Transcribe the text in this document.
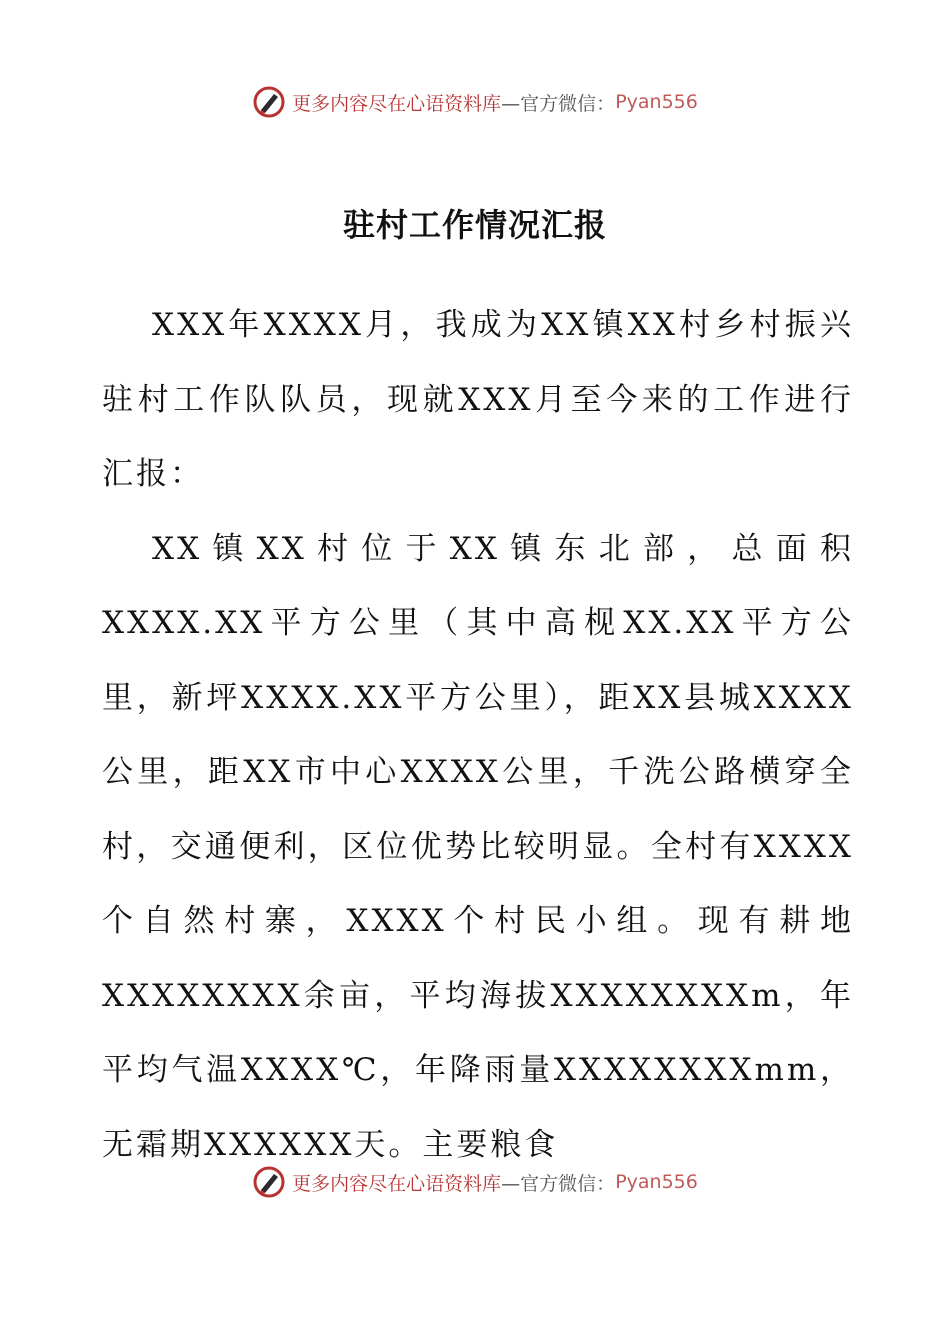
更多内容尽在心语资料库 —官方微信： Pyan556
驻村工作情况汇报

XXX年XXXX月，我成为XX镇XX村乡村振兴驻村工作队队员，现就XXX月至今来的工作进行汇报：

XX镇XX村位于XX镇东北部，总面积XXXX.XX平方公里（其中高枧XX.XX平方公里，新坪XXXX.XX平方公里），距XX县城XXXX公里，距XX市中心XXXX公里，千洗公路横穿全村，交通便利，区位优势比较明显。全村有XXXX个自然村寨，XXXX个村民小组。现有耕地XXXXXXXX余亩，平均海拔XXXXXXXXm，年平均气温XXXX℃，年降雨量XXXXXXXXmm，无霜期XXXXXX天。主要粮食

更多内容尽在心语资料库 —官方微信： Pyan556
